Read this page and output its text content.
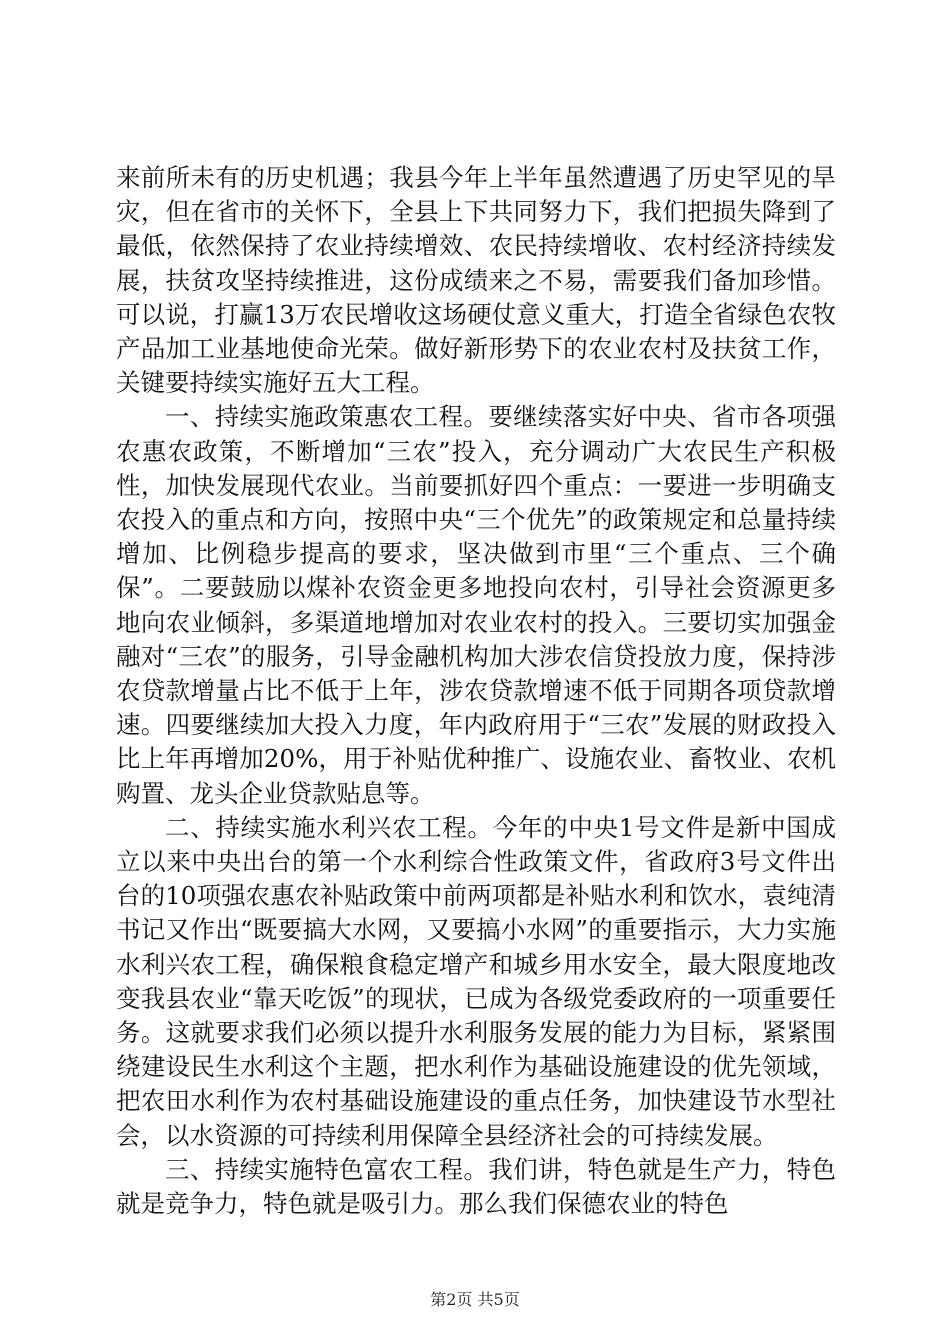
来前所未有的历史机遇；我县今年上半年虽然遭遇了历史罕见的旱灾，但在省市的关怀下，全县上下共同努力下，我们把损失降到了最低，依然保持了农业持续增效、农民持续增收、农村经济持续发展，扶贫攻坚持续推进，这份成绩来之不易，需要我们备加珍惜。可以说，打赢13万农民增收这场硬仗意义重大，打造全省绿色农牧产品加工业基地使命光荣。做好新形势下的农业农村及扶贫工作，关键要持续实施好五大工程。

一、持续实施政策惠农工程。要继续落实好中央、省市各项强农惠农政策，不断增加“三农”投入，充分调动广大农民生产积极性，加快发展现代农业。当前要抓好四个重点：一要进一步明确支农投入的重点和方向，按照中央“三个优先”的政策规定和总量持续增加、比例稳步提高的要求，坚决做到市里“三个重点、三个确保”。二要鼓励以煤补农资金更多地投向农村，引导社会资源更多地向农业倾斜，多渠道地增加对农业农村的投入。三要切实加强金融对“三农”的服务，引导金融机构加大涉农信贷投放力度，保持涉农贷款增量占比不低于上年，涉农贷款增速不低于同期各项贷款增速。四要继续加大投入力度，年内政府用于“三农”发展的财政投入比上年再增加20%，用于补贴优种推广、设施农业、畜牧业、农机购置、龙头企业贷款贴息等。

二、持续实施水利兴农工程。今年的中央1号文件是新中国成立以来中央出台的第一个水利综合性政策文件，省政府3号文件出台的10项强农惠农补贴政策中前两项都是补贴水利和饮水，袁纯清书记又作出“既要搞大水网，又要搞小水网”的重要指示，大力实施水利兴农工程，确保粮食稳定增产和城乡用水安全，最大限度地改变我县农业“靠天吃饭”的现状，已成为各级党委政府的一项重要任务。这就要求我们必须以提升水利服务发展的能力为目标，紧紧围绕建设民生水利这个主题，把水利作为基础设施建设的优先领域，把农田水利作为农村基础设施建设的重点任务，加快建设节水型社会，以水资源的可持续利用保障全县经济社会的可持续发展。

三、持续实施特色富农工程。我们讲，特色就是生产力，特色就是竞争力，特色就是吸引力。那么我们保德农业的特色

第2页 共5页
